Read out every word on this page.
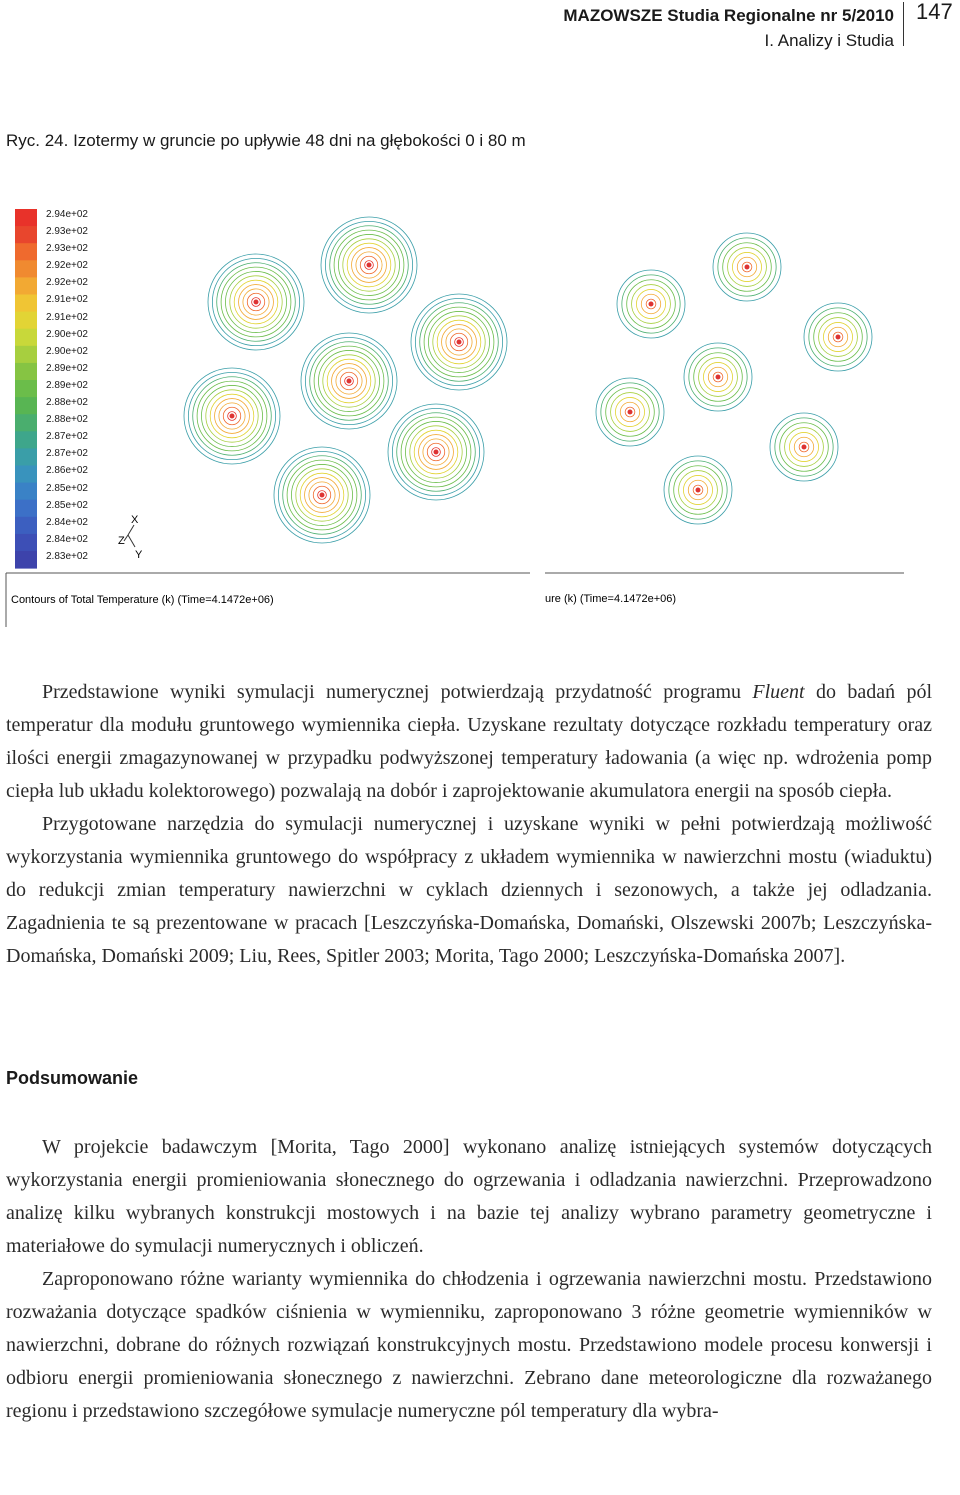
MAZOWSZE Studia Regionalne nr 5/2010
I. Analizy i Studia
147
Ryc. 24. Izotermy w gruncie po upływie 48 dni na głębokości 0 i 80 m
2.94e+02
2.93e+02
2.93e+02
2.92e+02
2.92e+02
2.91e+02
2.91e+02
2.90e+02
2.90e+02
2.89e+02
2.89e+02
2.88e+02
2.88e+02
2.87e+02
2.87e+02
2.86e+02
2.85e+02
2.85e+02
2.84e+02
2.84e+02
2.83e+02
X
Z
Y
Contours of Total Temperature (k) (Time=4.1472e+06)	ure (k) (Time=4.1472e+06)

Przedstawione wyniki symulacji numerycznej potwierdzają przydatność programu Fluent do badań pól temperatur dla modułu gruntowego wymiennika ciepła. Uzyskane rezultaty dotyczące rozkładu temperatury oraz ilości energii zmagazynowanej w przypadku podwyższonej temperatury ładowania (a więc np. wdrożenia pomp ciepła lub układu kolektorowego) pozwalają na dobór i zaprojektowanie akumulatora energii na sposób ciepła.

Przygotowane narzędzia do symulacji numerycznej i uzyskane wyniki w pełni potwierdzają możliwość wykorzystania wymiennika gruntowego do współpracy z układem wymiennika w nawierzchni mostu (wiaduktu) do redukcji zmian temperatury nawierzchni w cyklach dziennych i sezonowych, a także jej odladzania. Zagadnienia te są prezentowane w pracach [Leszczyńska-Domańska, Domański, Olszewski 2007b; Leszczyńska-Domańska, Domański 2009; Liu, Rees, Spitler 2003; Morita, Tago 2000; Leszczyńska-Domańska 2007].

Podsumowanie

W projekcie badawczym [Morita, Tago 2000] wykonano analizę istniejących systemów dotyczących wykorzystania energii promieniowania słonecznego do ogrzewania i odladzania nawierzchni. Przeprowadzono analizę kilku wybranych konstrukcji mostowych i na bazie tej analizy wybrano parametry geometryczne i materiałowe do symulacji numerycznych i obliczeń.

Zaproponowano różne warianty wymiennika do chłodzenia i ogrzewania nawierzchni mostu. Przedstawiono rozważania dotyczące spadków ciśnienia w wymienniku, zaproponowano 3 różne geometrie wymienników w nawierzchni, dobrane do różnych rozwiązań konstrukcyjnych mostu. Przedstawiono modele procesu konwersji i odbioru energii promieniowania słonecznego z nawierzchni. Zebrano dane meteorologiczne dla rozważanego regionu i przedstawiono szczegółowe symulacje numeryczne pól temperatury dla wybra-
